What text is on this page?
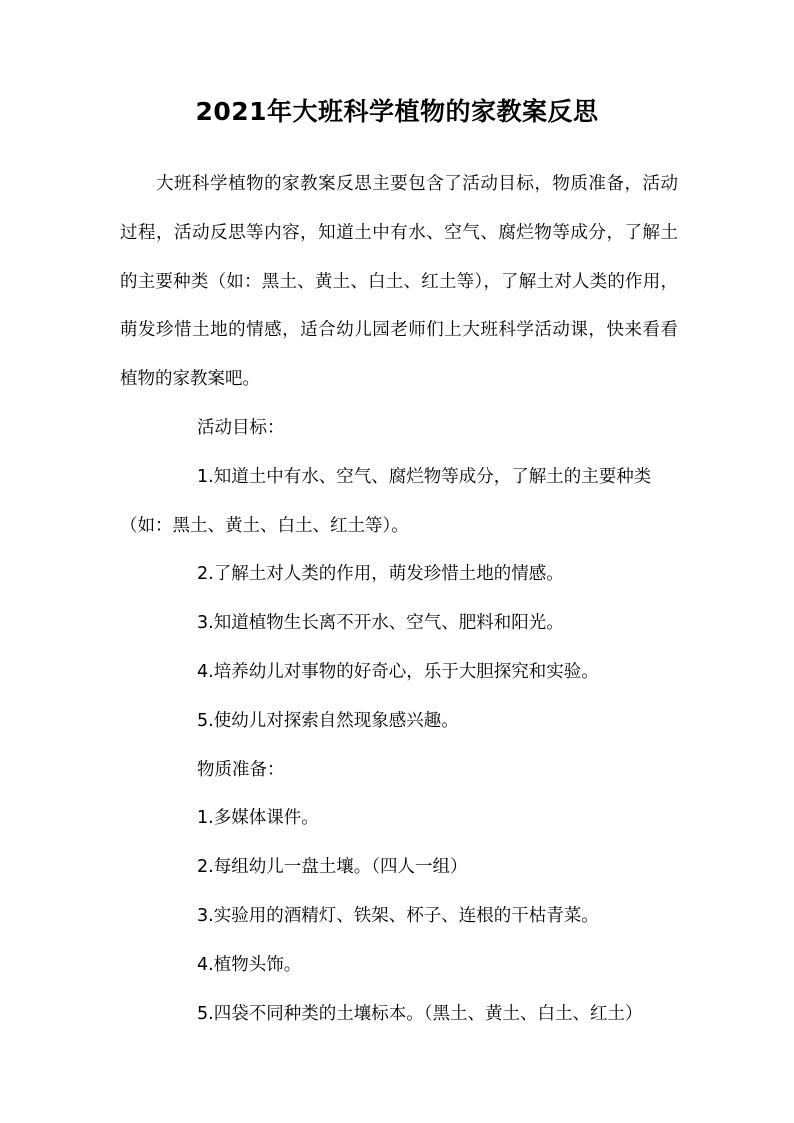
2021年大班科学植物的家教案反思

大班科学植物的家教案反思主要包含了活动目标，物质准备，活动过程，活动反思等内容，知道土中有水、空气、腐烂物等成分，了解土的主要种类（如：黑土、黄土、白土、红土等），了解土对人类的作用，萌发珍惜土地的情感，适合幼儿园老师们上大班科学活动课，快来看看植物的家教案吧。

活动目标：

1.知道土中有水、空气、腐烂物等成分，了解土的主要种类（如：黑土、黄土、白土、红土等）。

2.了解土对人类的作用，萌发珍惜土地的情感。

3.知道植物生长离不开水、空气、肥料和阳光。

4.培养幼儿对事物的好奇心，乐于大胆探究和实验。

5.使幼儿对探索自然现象感兴趣。

物质准备：

1.多媒体课件。

2.每组幼儿一盘土壤。（四人一组）

3.实验用的酒精灯、铁架、杯子、连根的干枯青菜。

4.植物头饰。

5.四袋不同种类的土壤标本。（黑土、黄土、白土、红土）
